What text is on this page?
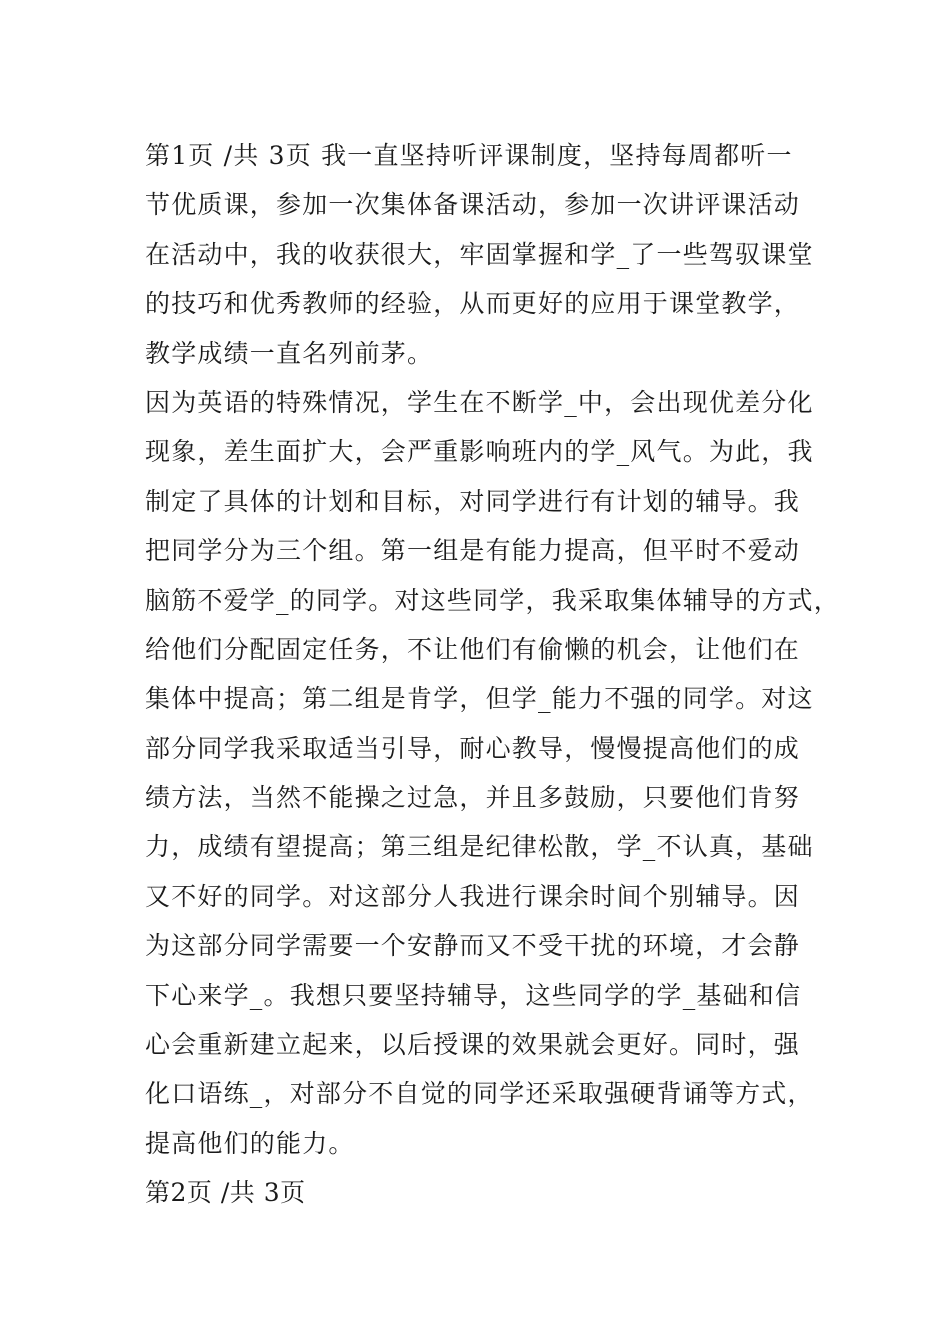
第1页 /共 3页 我一直坚持听评课制度，坚持每周都听一
节优质课，参加一次集体备课活动，参加一次讲评课活动
在活动中，我的收获很大，牢固掌握和学_了一些驾驭课堂
的技巧和优秀教师的经验，从而更好的应用于课堂教学，
教学成绩一直名列前茅。
因为英语的特殊情况，学生在不断学_中，会出现优差分化
现象，差生面扩大，会严重影响班内的学_风气。为此，我
制定了具体的计划和目标，对同学进行有计划的辅导。我
把同学分为三个组。第一组是有能力提高，但平时不爱动
脑筋不爱学_的同学。对这些同学，我采取集体辅导的方式，
给他们分配固定任务，不让他们有偷懒的机会，让他们在
集体中提高；第二组是肯学，但学_能力不强的同学。对这
部分同学我采取适当引导，耐心教导，慢慢提高他们的成
绩方法，当然不能操之过急，并且多鼓励，只要他们肯努
力，成绩有望提高；第三组是纪律松散，学_不认真，基础
又不好的同学。对这部分人我进行课余时间个别辅导。因
为这部分同学需要一个安静而又不受干扰的环境，才会静
下心来学_。我想只要坚持辅导，这些同学的学_基础和信
心会重新建立起来，以后授课的效果就会更好。同时，强
化口语练_，对部分不自觉的同学还采取强硬背诵等方式，
提高他们的能力。
第2页 /共 3页
